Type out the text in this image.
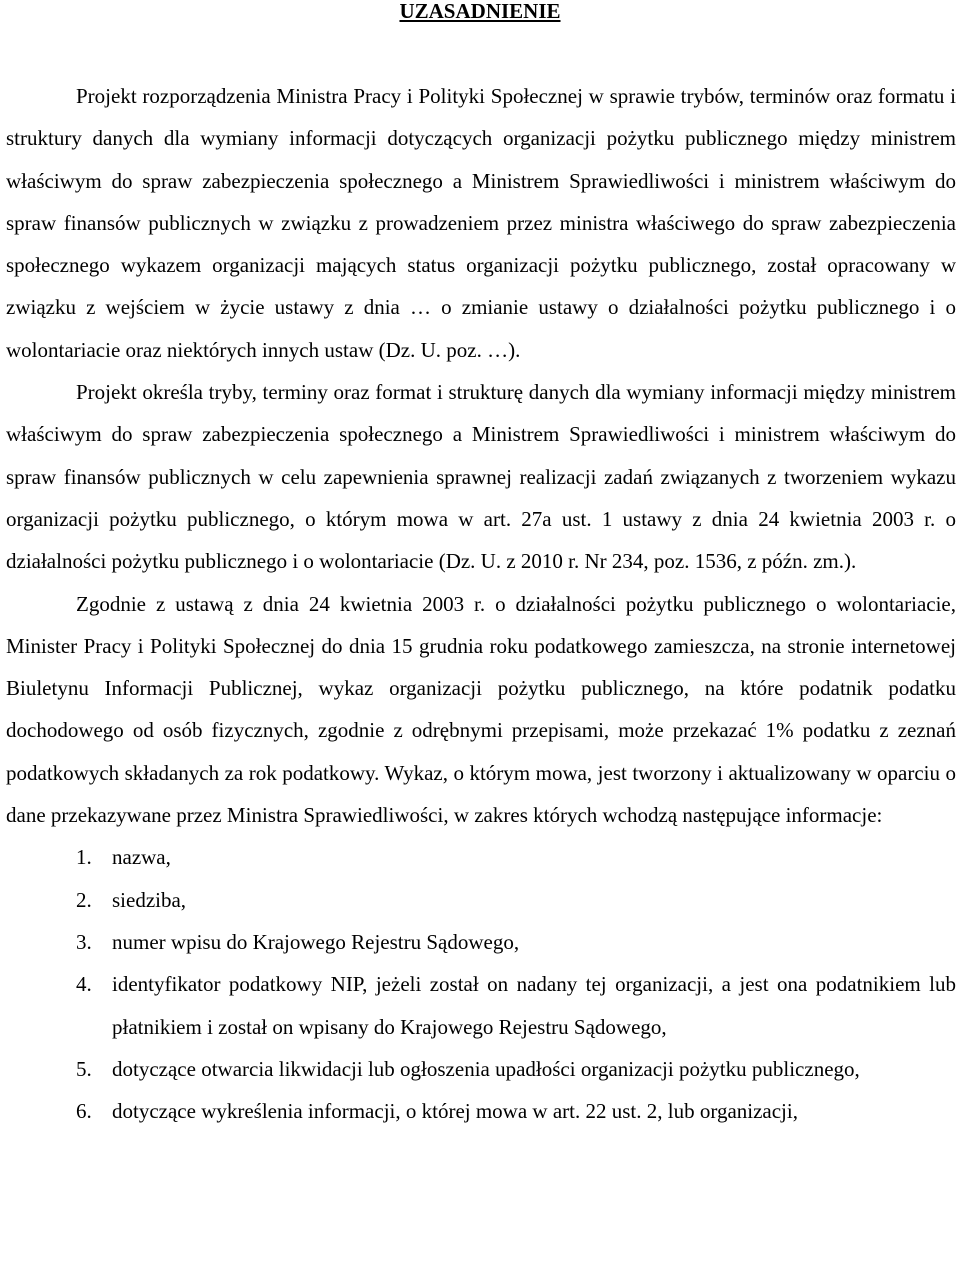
UZASADNIENIE

Projekt rozporządzenia Ministra Pracy i Polityki Społecznej w sprawie trybów, terminów oraz formatu i struktury danych dla wymiany informacji dotyczących organizacji pożytku publicznego między ministrem właściwym do spraw zabezpieczenia społecznego a Ministrem Sprawiedliwości i ministrem właściwym do spraw finansów publicznych w związku z prowadzeniem przez ministra właściwego do spraw zabezpieczenia społecznego wykazem organizacji mających status organizacji pożytku publicznego, został opracowany w związku z wejściem w życie ustawy z dnia … o zmianie ustawy o działalności pożytku publicznego i o wolontariacie oraz niektórych innych ustaw (Dz. U. poz. …).

Projekt określa tryby, terminy oraz format i strukturę danych dla wymiany informacji między ministrem właściwym do spraw zabezpieczenia społecznego a Ministrem Sprawiedliwości i ministrem właściwym do spraw finansów publicznych w celu zapewnienia sprawnej realizacji zadań związanych z tworzeniem wykazu organizacji pożytku publicznego, o którym mowa w art. 27a ust. 1 ustawy z dnia 24 kwietnia 2003 r. o działalności pożytku publicznego i o wolontariacie (Dz. U. z 2010 r. Nr 234, poz. 1536, z późn. zm.).

Zgodnie z ustawą z dnia 24 kwietnia 2003 r. o działalności pożytku publicznego o wolontariacie, Minister Pracy i Polityki Społecznej do dnia 15 grudnia roku podatkowego zamieszcza, na stronie internetowej Biuletynu Informacji Publicznej, wykaz organizacji pożytku publicznego, na które podatnik podatku dochodowego od osób fizycznych, zgodnie z odrębnymi przepisami, może przekazać 1% podatku z zeznań podatkowych składanych za rok podatkowy. Wykaz, o którym mowa, jest tworzony i aktualizowany w oparciu o dane przekazywane przez Ministra Sprawiedliwości, w zakres których wchodzą następujące informacje:

1. nazwa,
2. siedziba,
3. numer wpisu do Krajowego Rejestru Sądowego,
4. identyfikator podatkowy NIP, jeżeli został on nadany tej organizacji, a jest ona podatnikiem lub płatnikiem i został on wpisany do Krajowego Rejestru Sądowego,
5. dotyczące otwarcia likwidacji lub ogłoszenia upadłości organizacji pożytku publicznego,
6. dotyczące wykreślenia informacji, o której mowa w art. 22 ust. 2, lub organizacji,
